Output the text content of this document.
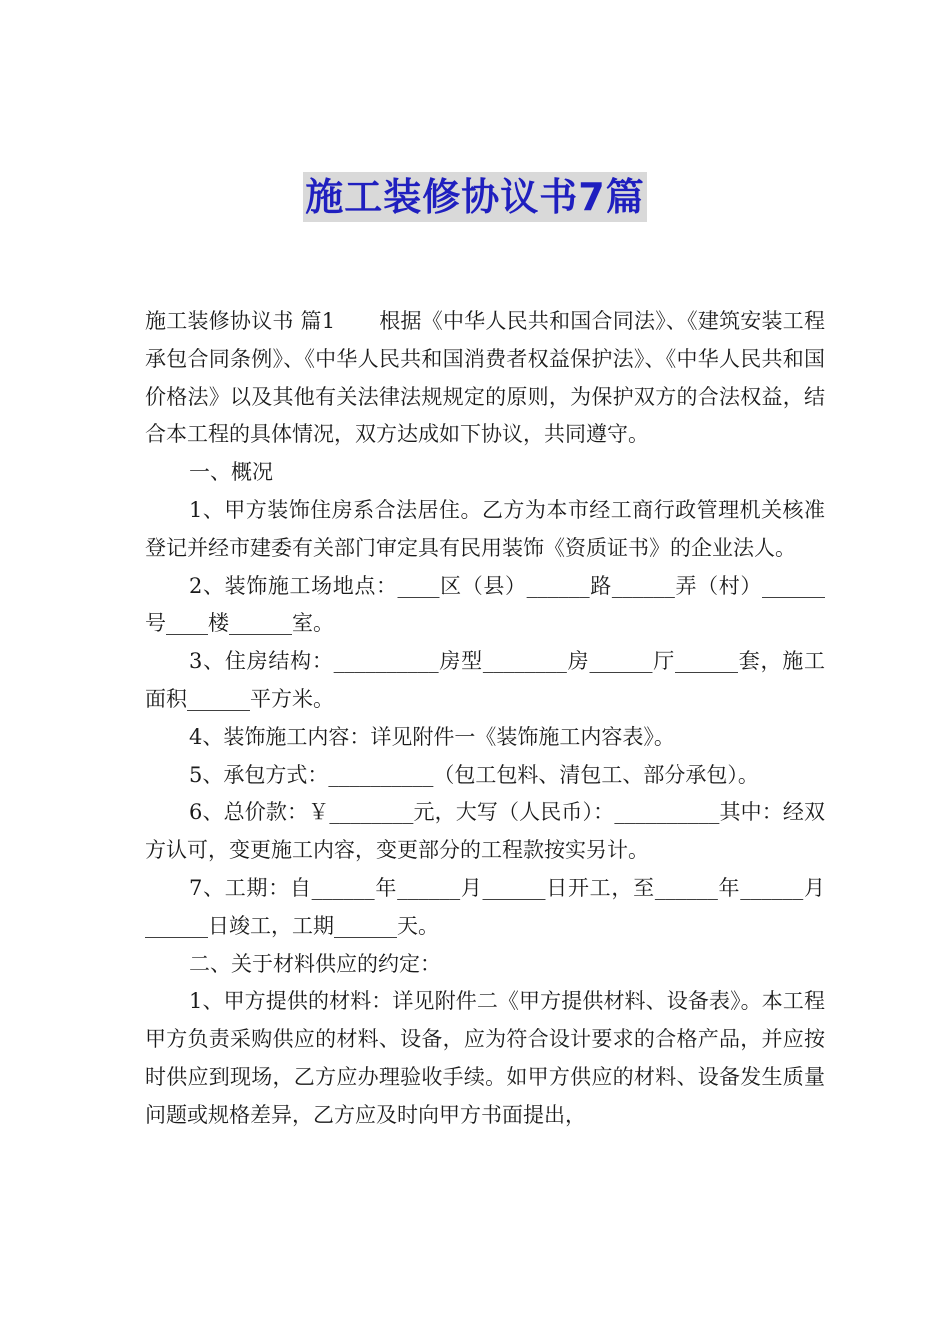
施工装修协议书7篇

施工装修协议书 篇1 根据《中华人民共和国合同法》、《建筑安装工程承包合同条例》、《中华人民共和国消费者权益保护法》、《中华人民共和国价格法》以及其他有关法律法规规定的原则，为保护双方的合法权益，结合本工程的具体情况，双方达成如下协议，共同遵守。

一、概况

1、甲方装饰住房系合法居住。乙方为本市经工商行政管理机关核准登记并经市建委有关部门审定具有民用装饰《资质证书》的企业法人。

2、装饰施工场地点：____区（县）______路______弄（村）______号____楼______室。

3、住房结构：__________房型________房______厅______套，施工面积______平方米。

4、装饰施工内容：详见附件一《装饰施工内容表》。

5、承包方式：__________（包工包料、清包工、部分承包）。

6、总价款：￥________元，大写（人民币）：__________其中：经双方认可，变更施工内容，变更部分的工程款按实另计。

7、工期：自______年______月______日开工，至______年______月______日竣工，工期______天。

二、关于材料供应的约定：

1、甲方提供的材料：详见附件二《甲方提供材料、设备表》。本工程甲方负责采购供应的材料、设备，应为符合设计要求的合格产品，并应按时供应到现场，乙方应办理验收手续。如甲方供应的材料、设备发生质量问题或规格差异，乙方应及时向甲方书面提出，
